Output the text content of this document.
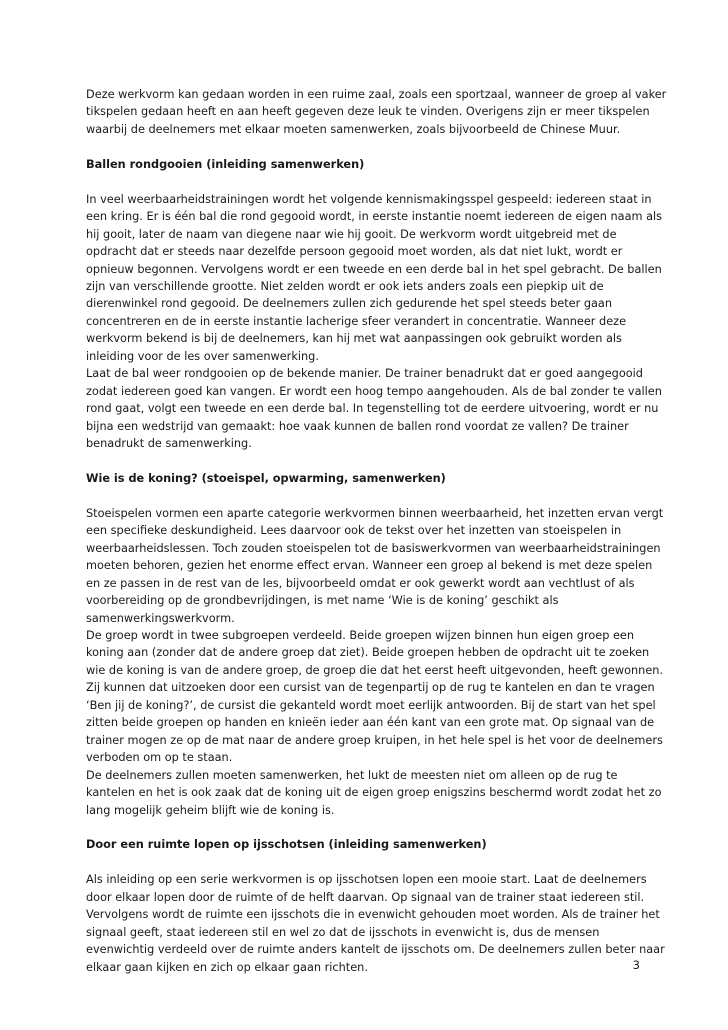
Deze werkvorm kan gedaan worden in een ruime zaal, zoals een sportzaal, wanneer de groep al vaker

tikspelen gedaan heeft en aan heeft gegeven deze leuk te vinden. Overigens zijn er meer tikspelen

waarbij de deelnemers met elkaar moeten samenwerken, zoals bijvoorbeeld de Chinese Muur.

Ballen rondgooien (inleiding samenwerken)

In veel weerbaarheidstrainingen wordt het volgende kennismakingsspel gespeeld: iedereen staat in

een kring. Er is één bal die rond gegooid wordt, in eerste instantie noemt iedereen de eigen naam als

hij gooit, later de naam van diegene naar wie hij gooit. De werkvorm wordt uitgebreid met de

opdracht dat er steeds naar dezelfde persoon gegooid moet worden, als dat niet lukt, wordt er

opnieuw begonnen. Vervolgens wordt er een tweede en een derde bal in het spel gebracht. De ballen

zijn van verschillende grootte. Niet zelden wordt er ook iets anders zoals een piepkip uit de

dierenwinkel rond gegooid. De deelnemers zullen zich gedurende het spel steeds beter gaan

concentreren en de in eerste instantie lacherige sfeer verandert in concentratie. Wanneer deze

werkvorm bekend is bij de deelnemers, kan hij met wat aanpassingen ook gebruikt worden als

inleiding voor de les over samenwerking.

Laat de bal weer rondgooien op de bekende manier. De trainer benadrukt dat er goed aangegooid

zodat iedereen goed kan vangen. Er wordt een hoog tempo aangehouden. Als de bal zonder te vallen

rond gaat, volgt een tweede en een derde bal. In tegenstelling tot de eerdere uitvoering, wordt er nu

bijna een wedstrijd van gemaakt: hoe vaak kunnen de ballen rond voordat ze vallen? De trainer

benadrukt de samenwerking.

Wie is de koning? (stoeispel, opwarming, samenwerken)

Stoeispelen vormen een aparte categorie werkvormen binnen weerbaarheid, het inzetten ervan vergt

een specifieke deskundigheid. Lees daarvoor ook de tekst over het inzetten van stoeispelen in

weerbaarheidslessen. Toch zouden stoeispelen tot de basiswerkvormen van weerbaarheidstrainingen

moeten behoren, gezien het enorme effect ervan. Wanneer een groep al bekend is met deze spelen

en ze passen in de rest van de les, bijvoorbeeld omdat er ook gewerkt wordt aan vechtlust of als

voorbereiding op de grondbevrijdingen, is met name ‘Wie is de koning’ geschikt als

samenwerkingswerkvorm.

De groep wordt in twee subgroepen verdeeld. Beide groepen wijzen binnen hun eigen groep een

koning aan (zonder dat de andere groep dat ziet). Beide groepen hebben de opdracht uit te zoeken

wie de koning is van de andere groep, de groep die dat het eerst heeft uitgevonden, heeft gewonnen.

Zij kunnen dat uitzoeken door een cursist van de tegenpartij op de rug te kantelen en dan te vragen

‘Ben jij de koning?’, de cursist die gekanteld wordt moet eerlijk antwoorden. Bij de start van het spel

zitten beide groepen op handen en knieën ieder aan één kant van een grote mat. Op signaal van de

trainer mogen ze op de mat naar de andere groep kruipen, in het hele spel is het voor de deelnemers

verboden om op te staan.

De deelnemers zullen moeten samenwerken, het lukt de meesten niet om alleen op de rug te

kantelen en het is ook zaak dat de koning uit de eigen groep enigszins beschermd wordt zodat het zo

lang mogelijk geheim blijft wie de koning is.

Door een ruimte lopen op ijsschotsen (inleiding samenwerken)

Als inleiding op een serie werkvormen is op ijsschotsen lopen een mooie start. Laat de deelnemers

door elkaar lopen door de ruimte of de helft daarvan. Op signaal van de trainer staat iedereen stil.

Vervolgens wordt de ruimte een ijsschots die in evenwicht gehouden moet worden. Als de trainer het

signaal geeft, staat iedereen stil en wel zo dat de ijsschots in evenwicht is, dus de mensen

evenwichtig verdeeld over de ruimte anders kantelt de ijsschots om. De deelnemers zullen beter naar

elkaar gaan kijken en zich op elkaar gaan richten.	3
